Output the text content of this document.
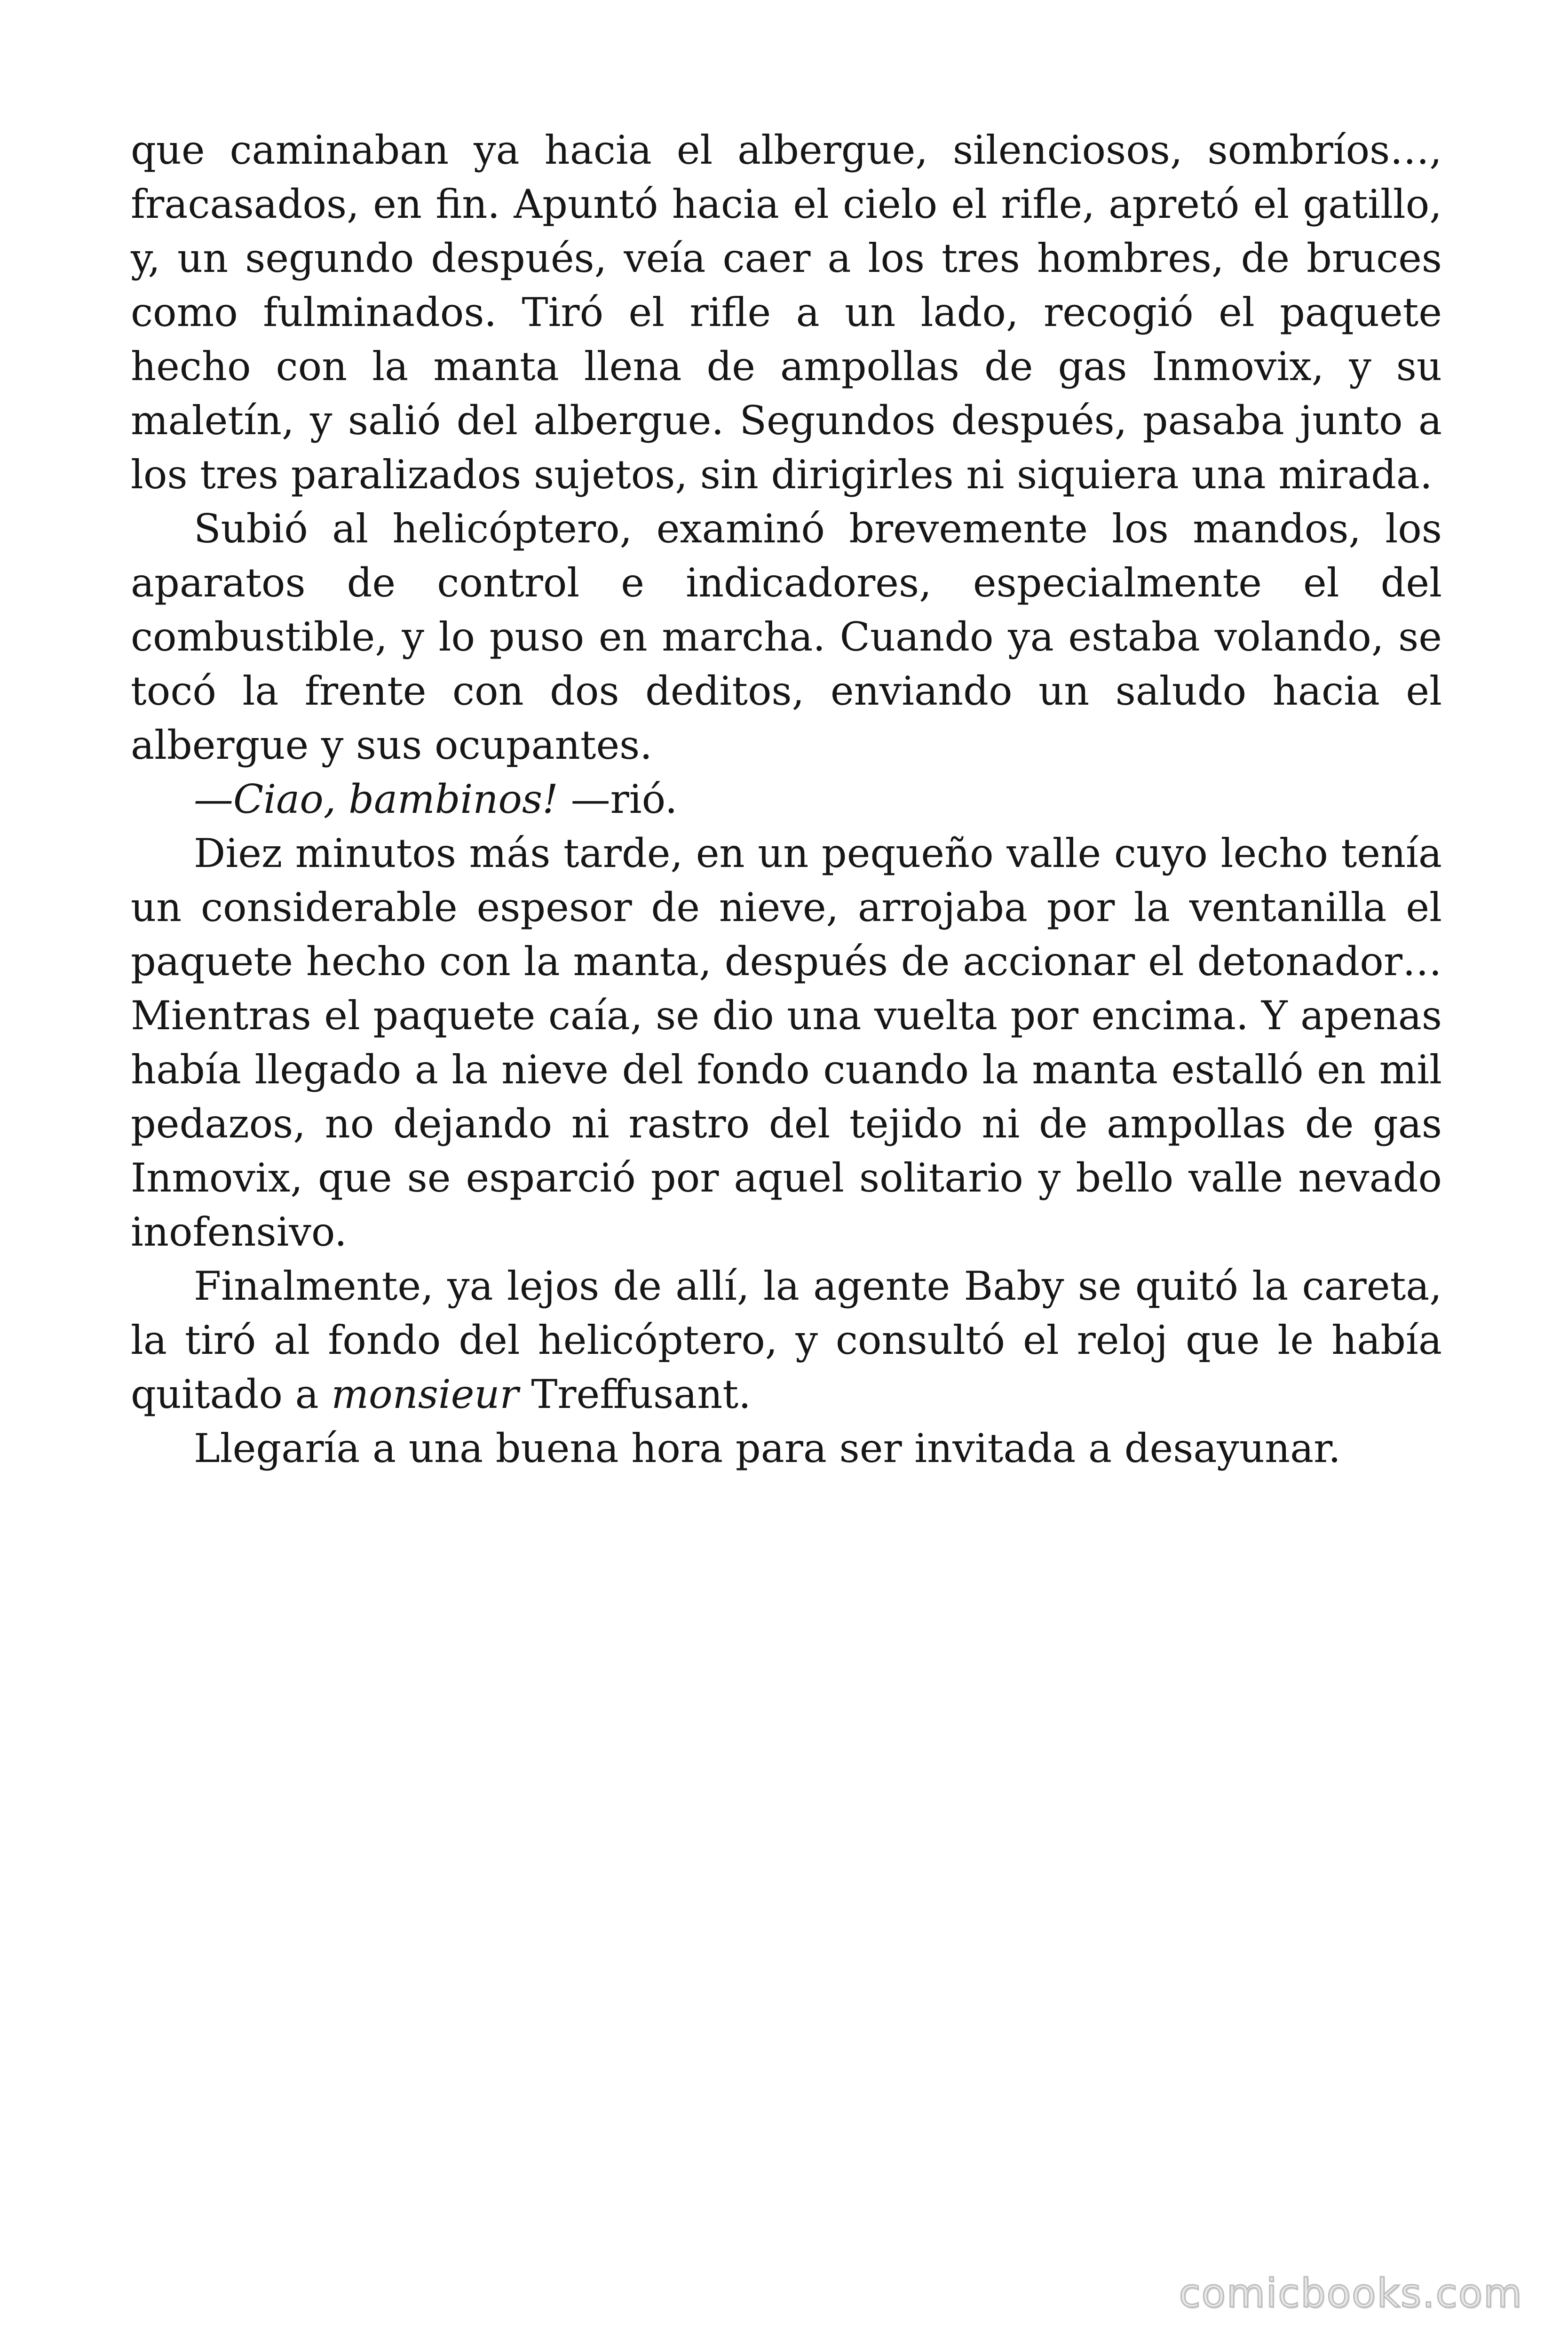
que caminaban ya hacia el albergue, silenciosos, sombríos…, fracasados, en fin. Apuntó hacia el cielo el rifle, apretó el gatillo, y, un segundo después, veía caer a los tres hombres, de bruces como fulminados. Tiró el rifle a un lado, recogió el paquete hecho con la manta llena de ampollas de gas Inmovix, y su maletín, y salió del albergue. Segundos después, pasaba junto a los tres paralizados sujetos, sin dirigirles ni siquiera una mirada.

Subió al helicóptero, examinó brevemente los mandos, los aparatos de control e indicadores, especialmente el del combustible, y lo puso en marcha. Cuando ya estaba volando, se tocó la frente con dos deditos, enviando un saludo hacia el albergue y sus ocupantes.

—Ciao, bambinos! —rió.

Diez minutos más tarde, en un pequeño valle cuyo lecho tenía un considerable espesor de nieve, arrojaba por la ventanilla el paquete hecho con la manta, después de accionar el detonador… Mientras el paquete caía, se dio una vuelta por encima. Y apenas había llegado a la nieve del fondo cuando la manta estalló en mil pedazos, no dejando ni rastro del tejido ni de ampollas de gas Inmovix, que se esparció por aquel solitario y bello valle nevado inofensivo.

Finalmente, ya lejos de allí, la agente Baby se quitó la careta, la tiró al fondo del helicóptero, y consultó el reloj que le había quitado a monsieur Treffusant.

Llegaría a una buena hora para ser invitada a desayunar.

comicbooks.com
